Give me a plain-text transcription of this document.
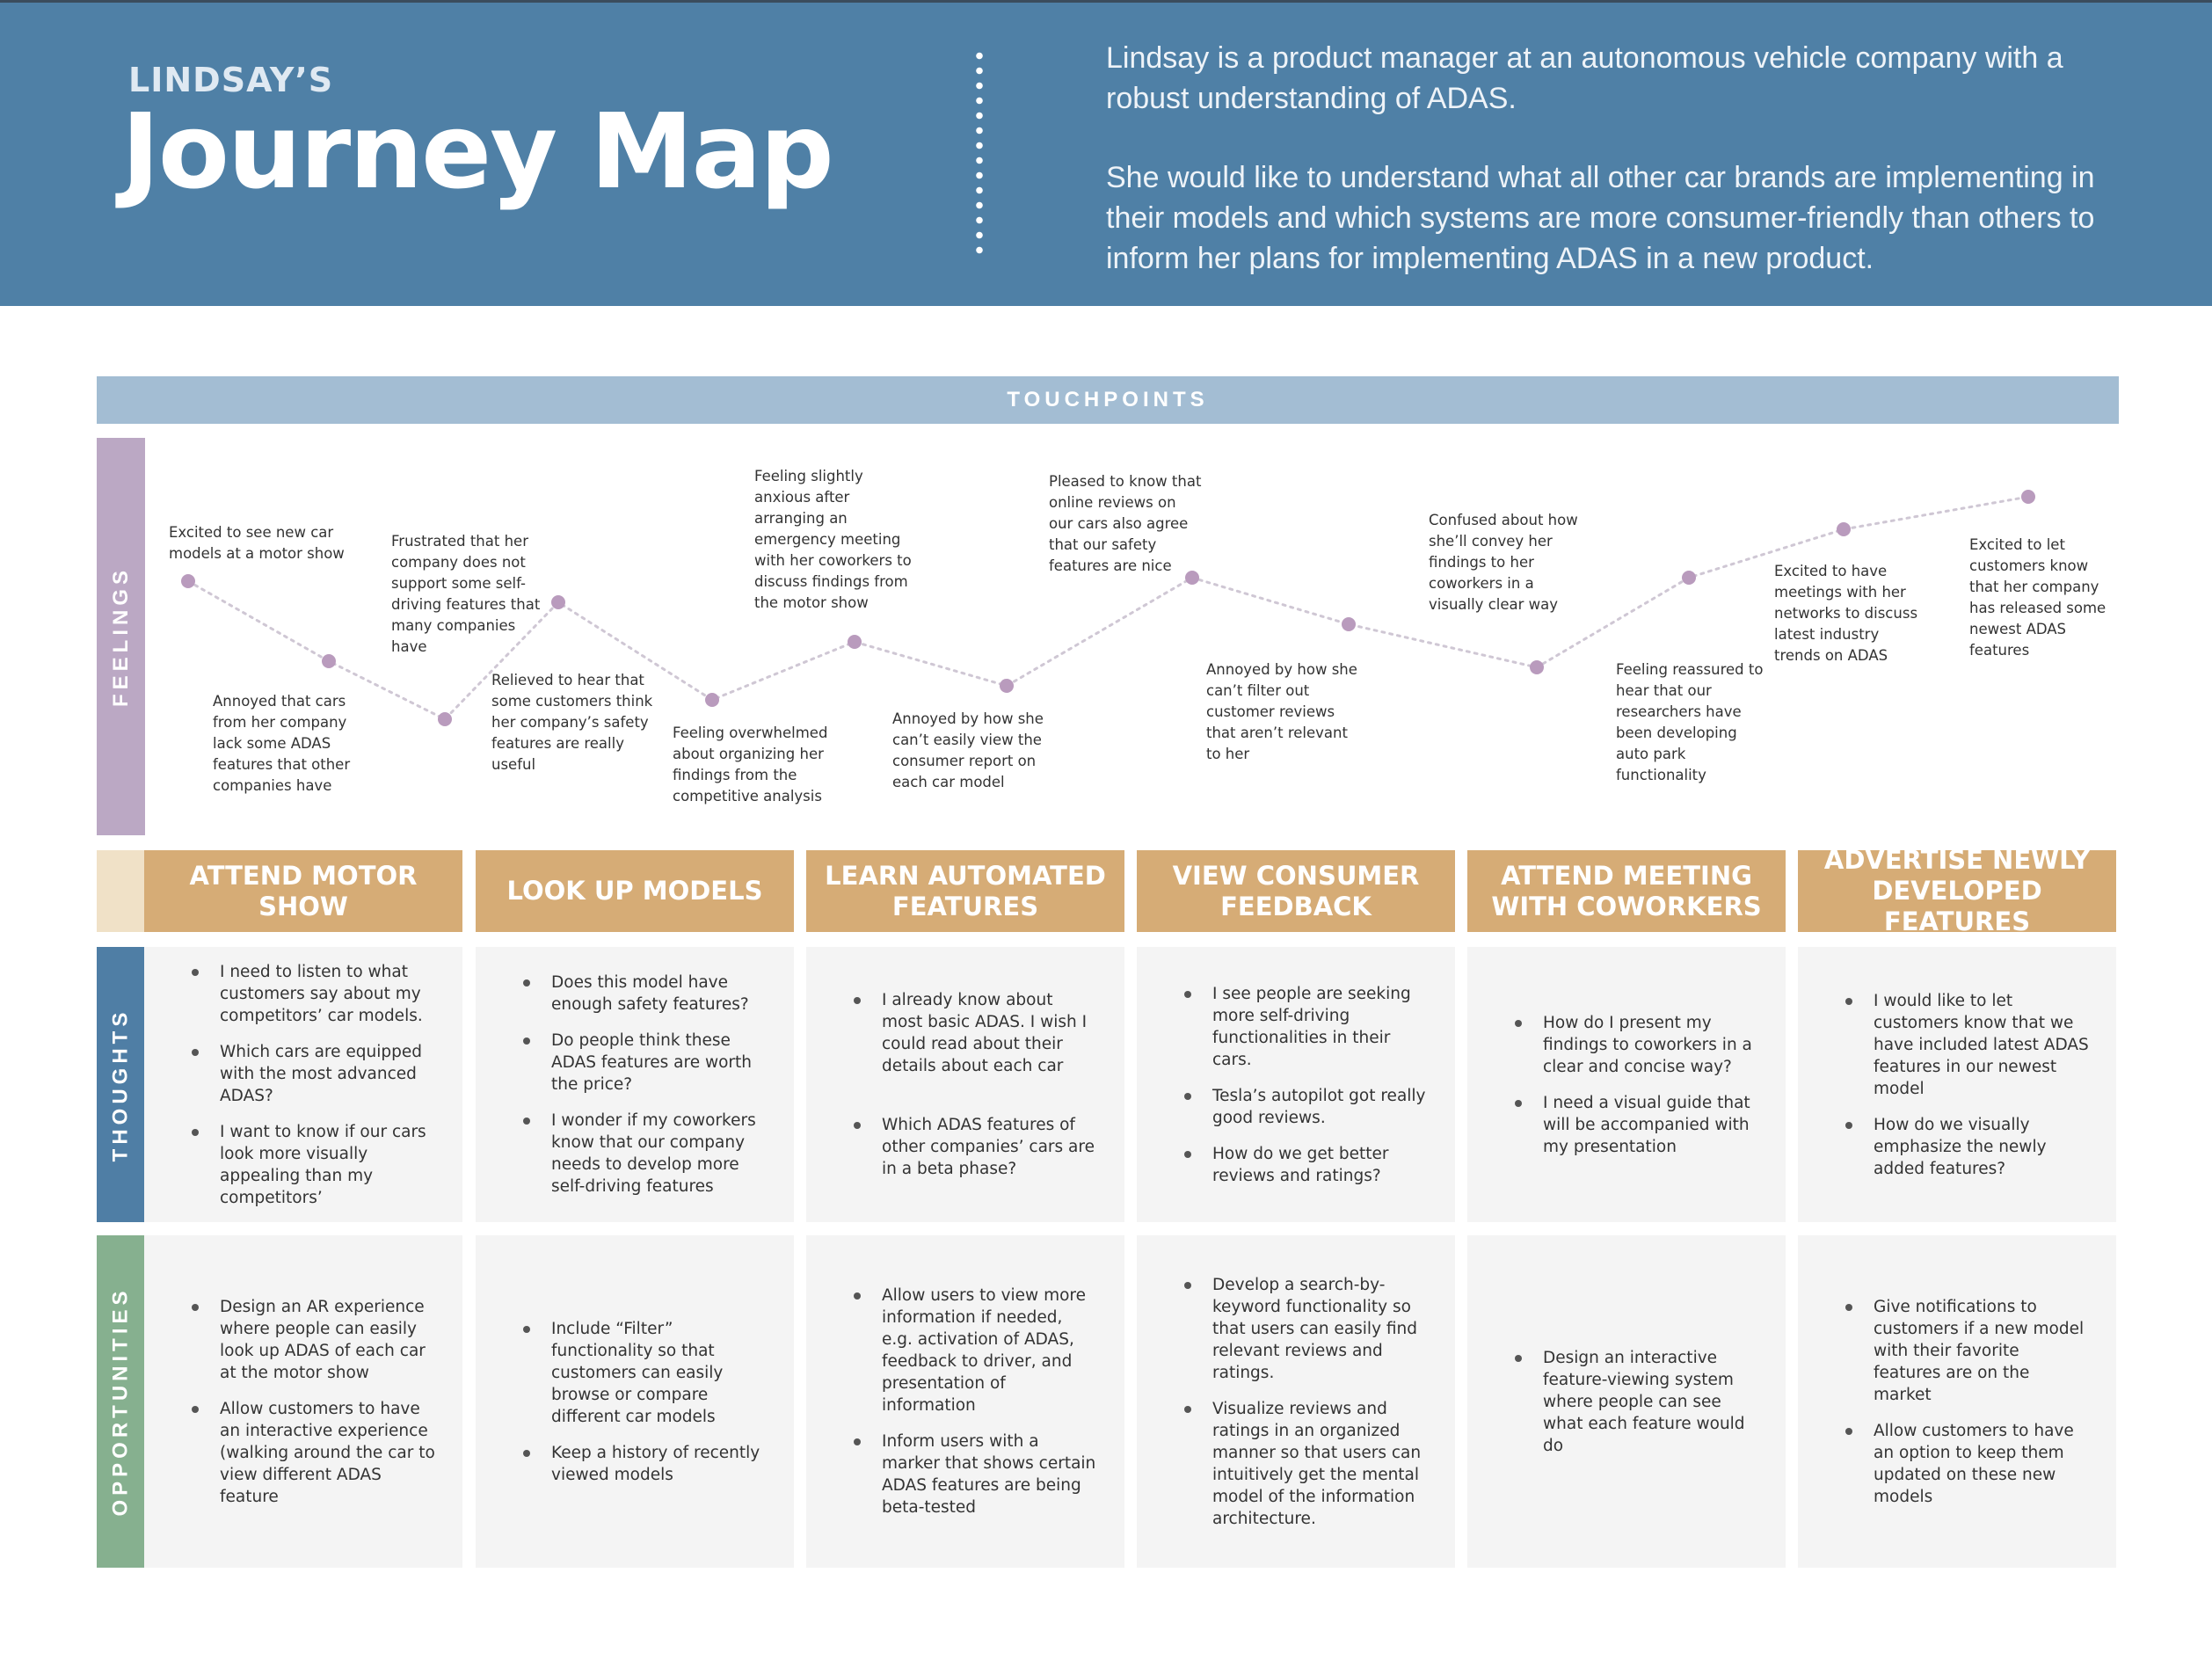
LINDSAY’S
Journey Map
Lindsay is a product manager at an autonomous vehicle company with a robust understanding of ADAS.
She would like to understand what all other car brands are implementing in their models and which systems are more consumer-friendly than others to inform her plans for implementing ADAS in a new product.
TOUCHPOINTS
FEELINGS
THOUGHTS
OPPORTUNITIES
Excited to see new car models at a motor show
Annoyed that cars from her company lack some ADAS features that other companies have
Frustrated that her company does not support some self-driving features that many companies have
Relieved to hear that some customers think her company’s safety features are really useful
Feeling overwhelmed about organizing her findings from the competitive analysis
Feeling slightly anxious after arranging an emergency meeting with her coworkers to discuss findings from the motor show
Annoyed by how she can’t easily view the consumer report on each car model
Pleased to know that online reviews on our cars also agree that our safety features are nice
Annoyed by how she can’t filter out customer reviews that aren’t relevant to her
Confused about how she’ll convey her findings to her coworkers in a visually clear way
Feeling reassured to hear that our researchers have been developing auto park functionality
Excited to have meetings with her networks to discuss latest industry trends on ADAS
Excited to let customers know that her company has released some newest ADAS features
ATTEND MOTOR SHOW
LOOK UP MODELS
LEARN AUTOMATED FEATURES
VIEW CONSUMER FEEDBACK
ATTEND MEETING WITH COWORKERS
ADVERTISE NEWLY DEVELOPED FEATURES
I need to listen to what customers say about my competitors’ car models.
Which cars are equipped with the most advanced ADAS?
I want to know if our cars look more visually appealing than my competitors’
Does this model have enough safety features?
Do people think these ADAS features are worth the price?
I wonder if my coworkers know that our company needs to develop more self-driving features
I already know about most basic ADAS. I wish I could read about their details about each car
Which ADAS features of other companies’ cars are in a beta phase?
I see people are seeking more self-driving functionalities in their cars.
Tesla’s autopilot got really good reviews.
How do we get better reviews and ratings?
How do I present my findings to coworkers in a clear and concise way?
I need a visual guide that will be accompanied with my presentation
I would like to let customers know that we have included latest ADAS features in our newest model
How do we visually emphasize the newly added features?
Design an AR experience where people can easily look up ADAS of each car at the motor show
Allow customers to have an interactive experience (walking around the car to view different ADAS feature
Include “Filter” functionality so that customers can easily browse or compare different car models
Keep a history of recently viewed models
Allow users to view more information if needed, e.g. activation of ADAS, feedback to driver, and presentation of information
Inform users with a marker that shows certain ADAS features are being beta-tested
Develop a search-by-keyword functionality so that users can easily find relevant reviews and ratings.
Visualize reviews and ratings in an organized manner so that users can intuitively get the mental model of the information architecture.
Design an interactive feature-viewing system where people can see what each feature would do
Give notifications to customers if a new model with their favorite features are on the market
Allow customers to have an option to keep them updated on these new models
